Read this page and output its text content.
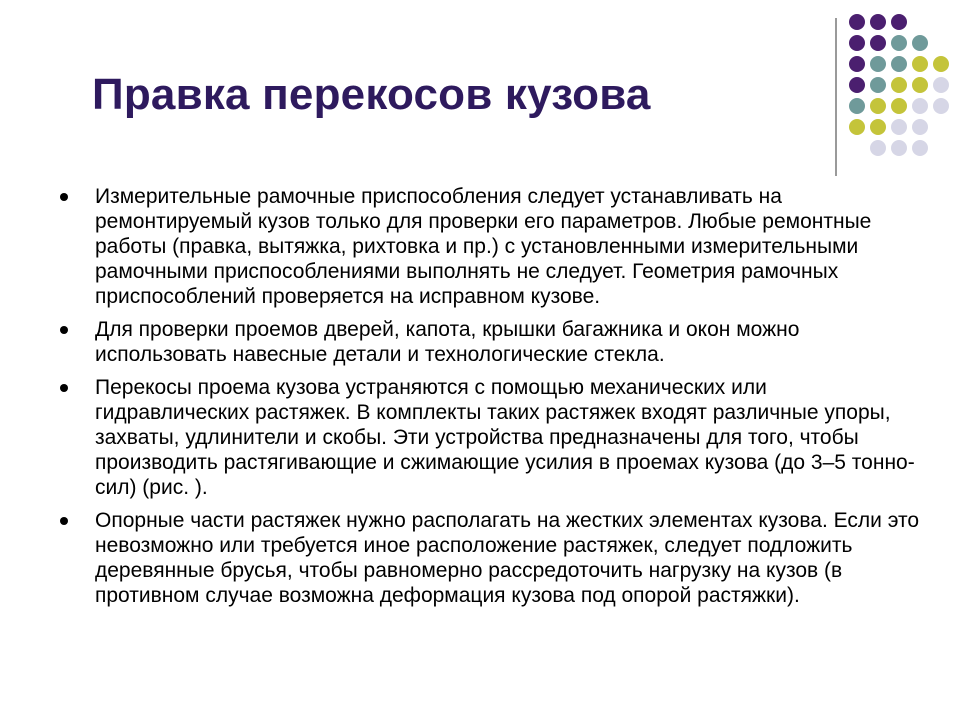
Правка перекосов кузова
Измерительные рамочные приспособления следует устанавливать на ремонтируемый кузов только для проверки его параметров. Любые ремонтные работы (правка, вытяжка, рихтовка и пр.) с установленными измерительными рамочными приспособлениями выполнять не следует. Геометрия рамочных приспособлений проверяется на исправном кузове.
Для проверки проемов дверей, капота, крышки багажника и окон можно использовать навесные детали и технологические стекла.
Перекосы проема кузова устраняются с помощью механических или гидравлических растяжек. В комплекты таких растяжек входят различные упоры, захваты, удлинители и скобы. Эти устройства предназначены для того, чтобы производить растягивающие и сжимающие усилия в проемах кузова (до 3–5 тонно-сил) (рис. ).
Опорные части растяжек нужно располагать на жестких элементах кузова. Если это невозможно или требуется иное расположение растяжек, следует подложить деревянные брусья, чтобы равномерно рассредоточить нагрузку на кузов (в противном случае возможна деформация кузова под опорой растяжки).
